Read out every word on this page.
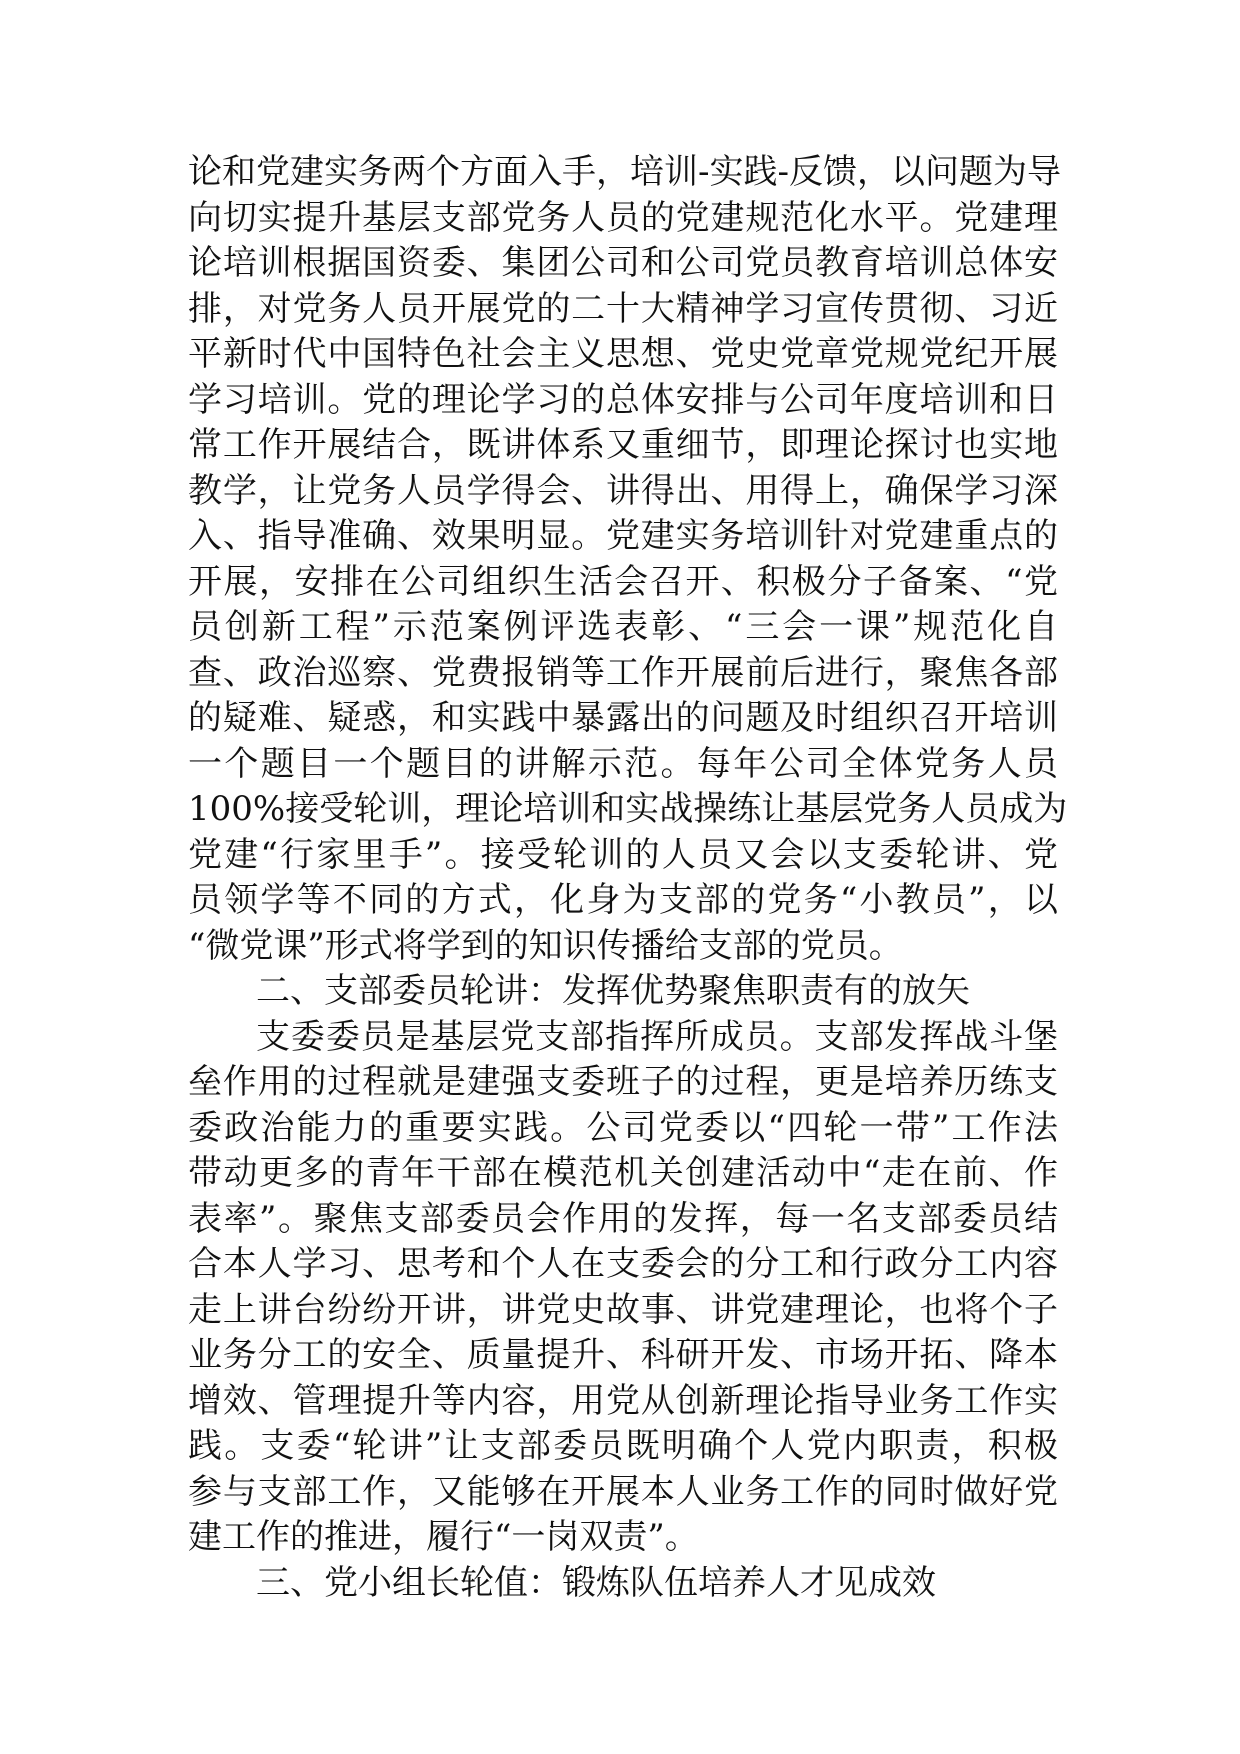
论和党建实务两个方面入手，培训-实践-反馈，以问题为导
向切实提升基层支部党务人员的党建规范化水平。党建理
论培训根据国资委、集团公司和公司党员教育培训总体安
排，对党务人员开展党的二十大精神学习宣传贯彻、习近
平新时代中国特色社会主义思想、党史党章党规党纪开展
学习培训。党的理论学习的总体安排与公司年度培训和日
常工作开展结合，既讲体系又重细节，即理论探讨也实地
教学，让党务人员学得会、讲得出、用得上，确保学习深
入、指导准确、效果明显。党建实务培训针对党建重点的
开展，安排在公司组织生活会召开、积极分子备案、“党
员创新工程”示范案例评选表彰、“三会一课”规范化自
查、政治巡察、党费报销等工作开展前后进行，聚焦各部
的疑难、疑惑，和实践中暴露出的问题及时组织召开培训
一个题目一个题目的讲解示范。每年公司全体党务人员
100%接受轮训，理论培训和实战操练让基层党务人员成为
党建“行家里手”。接受轮训的人员又会以支委轮讲、党
员领学等不同的方式，化身为支部的党务“小教员”，以
“微党课”形式将学到的知识传播给支部的党员。
二、支部委员轮讲：发挥优势聚焦职责有的放矢
支委委员是基层党支部指挥所成员。支部发挥战斗堡
垒作用的过程就是建强支委班子的过程，更是培养历练支
委政治能力的重要实践。公司党委以“四轮一带”工作法
带动更多的青年干部在模范机关创建活动中“走在前、作
表率”。聚焦支部委员会作用的发挥，每一名支部委员结
合本人学习、思考和个人在支委会的分工和行政分工内容
走上讲台纷纷开讲，讲党史故事、讲党建理论，也将个子
业务分工的安全、质量提升、科研开发、市场开拓、降本
增效、管理提升等内容，用党从创新理论指导业务工作实
践。支委“轮讲”让支部委员既明确个人党内职责，积极
参与支部工作，又能够在开展本人业务工作的同时做好党
建工作的推进，履行“一岗双责”。
三、党小组长轮值：锻炼队伍培养人才见成效
